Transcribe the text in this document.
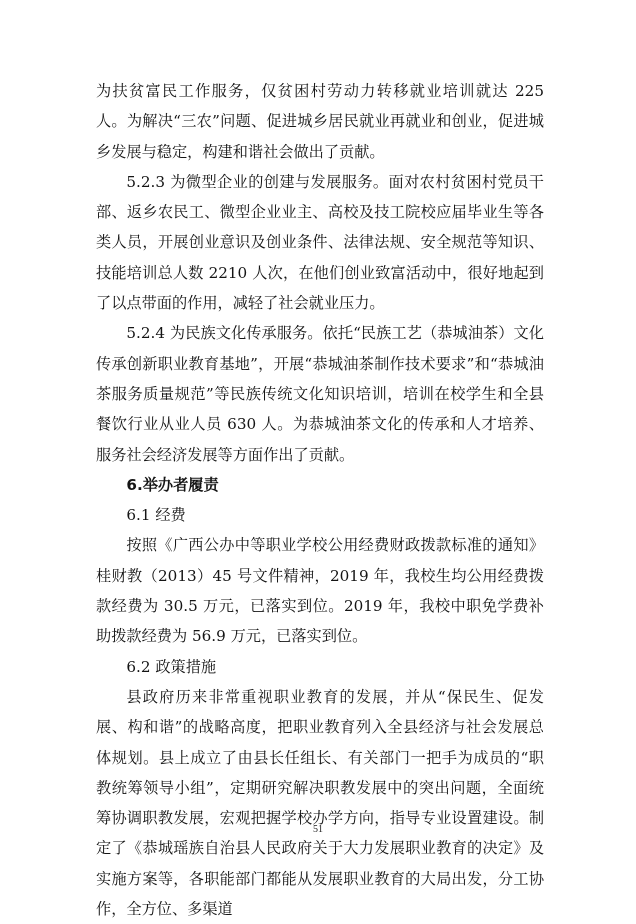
为扶贫富民工作服务，仅贫困村劳动力转移就业培训就达 225 人。为解决“三农”问题、促进城乡居民就业再就业和创业，促进城乡发展与稳定，构建和谐社会做出了贡献。

5.2.3 为微型企业的创建与发展服务。面对农村贫困村党员干部、返乡农民工、微型企业业主、高校及技工院校应届毕业生等各类人员，开展创业意识及创业条件、法律法规、安全规范等知识、技能培训总人数 2210 人次，在他们创业致富活动中，很好地起到了以点带面的作用，减轻了社会就业压力。

5.2.4 为民族文化传承服务。依托“民族工艺（恭城油茶）文化传承创新职业教育基地”，开展“恭城油茶制作技术要求”和“恭城油茶服务质量规范”等民族传统文化知识培训，培训在校学生和全县餐饮行业从业人员 630 人。为恭城油茶文化的传承和人才培养、服务社会经济发展等方面作出了贡献。

6.举办者履责

6.1 经费

按照《广西公办中等职业学校公用经费财政拨款标准的通知》桂财教（2013）45 号文件精神，2019 年，我校生均公用经费拨款经费为 30.5 万元，已落实到位。2019 年，我校中职免学费补助拨款经费为 56.9 万元，已落实到位。

6.2 政策措施

县政府历来非常重视职业教育的发展，并从“保民生、促发展、构和谐”的战略高度，把职业教育列入全县经济与社会发展总体规划。县上成立了由县长任组长、有关部门一把手为成员的“职教统筹领导小组”，定期研究解决职教发展中的突出问题，全面统筹协调职教发展，宏观把握学校办学方向，指导专业设置建设。制定了《恭城瑶族自治县人民政府关于大力发展职业教育的决定》及实施方案等，各职能部门都能从发展职业教育的大局出发，分工协作，全方位、多渠道

51
